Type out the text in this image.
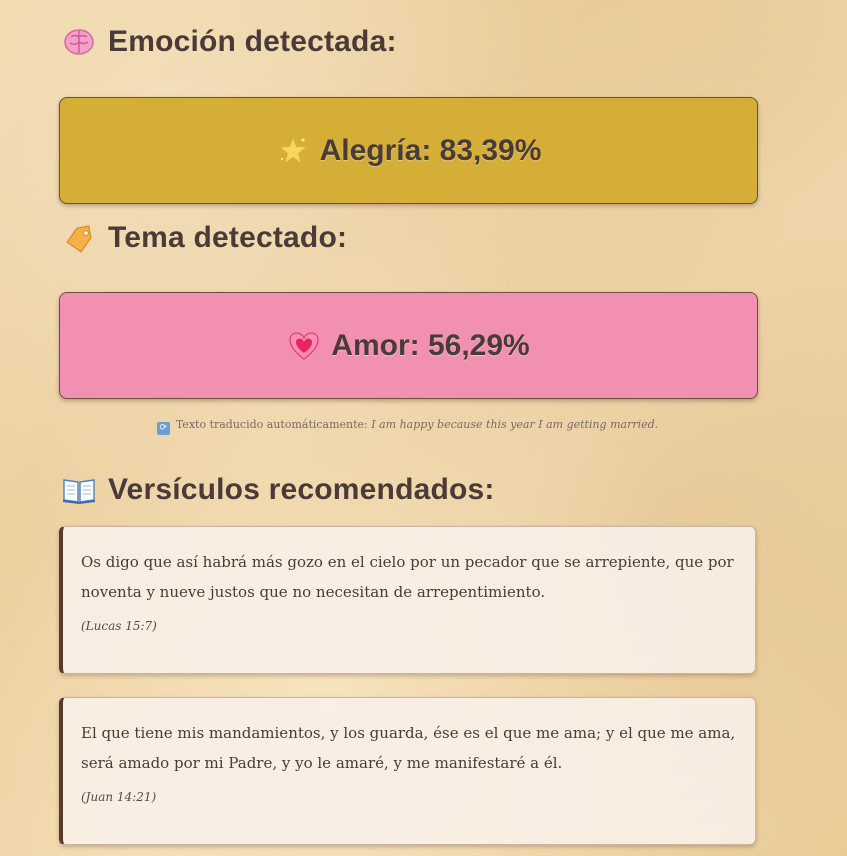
Emoción detectada:
Alegría: 83,39%
Tema detectado:
Amor: 56,29%
⟳ Texto traducido automáticamente: I am happy because this year I am getting married.
Versículos recomendados:

Os digo que así habrá más gozo en el cielo por un pecador que se arrepiente, que por noventa y nueve justos que no necesitan de arrepentimiento.

(Lucas 15:7)

El que tiene mis mandamientos, y los guarda, ése es el que me ama; y el que me ama, será amado por mi Padre, y yo le amaré, y me manifestaré a él.

(Juan 14:21)
